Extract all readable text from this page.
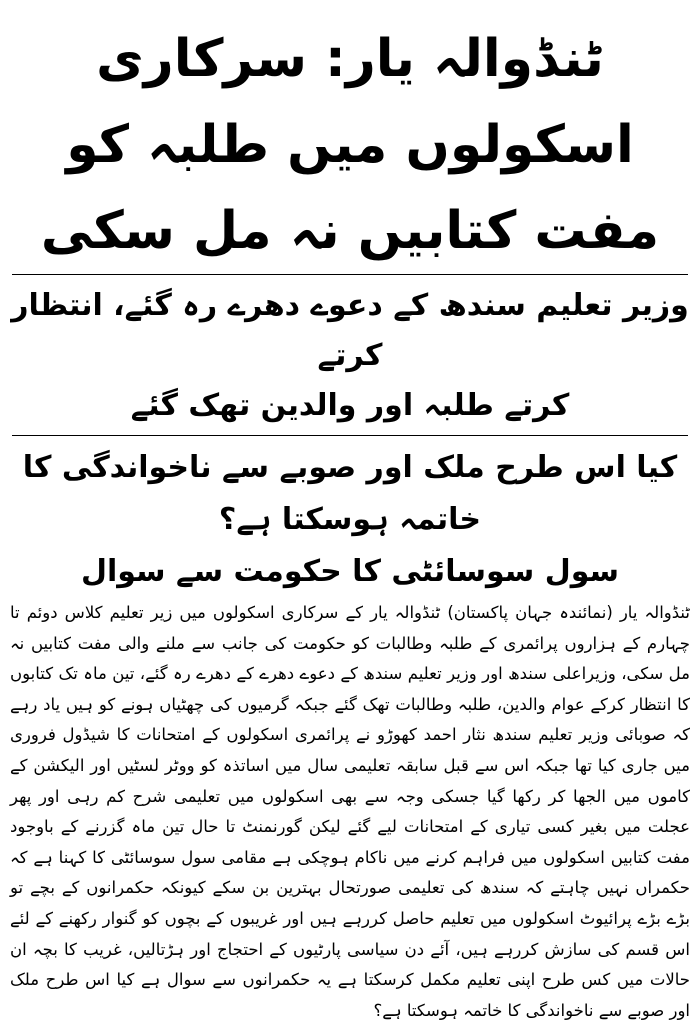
ٹنڈوالہ یار: سرکاری اسکولوں میں طلبہ کو
مفت کتابیں نہ مل سکی
وزیر تعلیم سندھ کے دعوے دھرے رہ گئے، انتظار کرتے
کرتے طلبہ اور والدین تھک گئے
کیا اس طرح ملک اور صوبے سے ناخواندگی کا خاتمہ ہوسکتا ہے؟
سول سوسائٹی کا حکومت سے سوال

ٹنڈوالہ یار (نمائندہ جہان پاکستان) ٹنڈوالہ یار کے سرکاری اسکولوں میں زیر تعلیم کلاس دوئم تا چہارم کے ہزاروں پرائمری کے طلبہ وطالبات کو حکومت کی جانب سے ملنے والی مفت کتابیں نہ مل سکی، وزیراعلی سندھ اور وزیر تعلیم سندھ کے دعوے دھرے کے دھرے رہ گئے، تین ماہ تک کتابوں کا انتظار کرکے عوام والدین، طلبہ وطالبات تھک گئے جبکہ گرمیوں کی چھٹیاں ہونے کو ہیں یاد رہے کہ صوبائی وزیر تعلیم سندھ نثار احمد کھوڑو نے پرائمری اسکولوں کے امتحانات کا شیڈول فروری میں جاری کیا تھا جبکہ اس سے قبل سابقہ تعلیمی سال میں اساتذہ کو ووٹر لسٹیں اور الیکشن کے کاموں میں الجھا کر رکھا گیا جسکی وجہ سے بھی اسکولوں میں تعلیمی شرح کم رہی اور پھر عجلت میں بغیر کسی تیاری کے امتحانات لیے گئے لیکن گورنمنٹ تا حال تین ماہ گزرنے کے باوجود مفت کتابیں اسکولوں میں فراہم کرنے میں ناکام ہوچکی ہے مقامی سول سوسائٹی کا کہنا ہے کہ حکمراں نہیں چاہتے کہ سندھ کی تعلیمی صورتحال بہترین بن سکے کیونکہ حکمرانوں کے بچے تو بڑے بڑے پرائیوٹ اسکولوں میں تعلیم حاصل کررہے ہیں اور غریبوں کے بچوں کو گنوار رکھنے کے لئے اس قسم کی سازش کررہے ہیں، آئے دن سیاسی پارٹیوں کے احتجاج اور ہڑتالیں، غریب کا بچہ ان حالات میں کس طرح اپنی تعلیم مکمل کرسکتا ہے یہ حکمرانوں سے سوال ہے کیا اس طرح ملک اور صوبے سے ناخواندگی کا خاتمہ ہوسکتا ہے؟
